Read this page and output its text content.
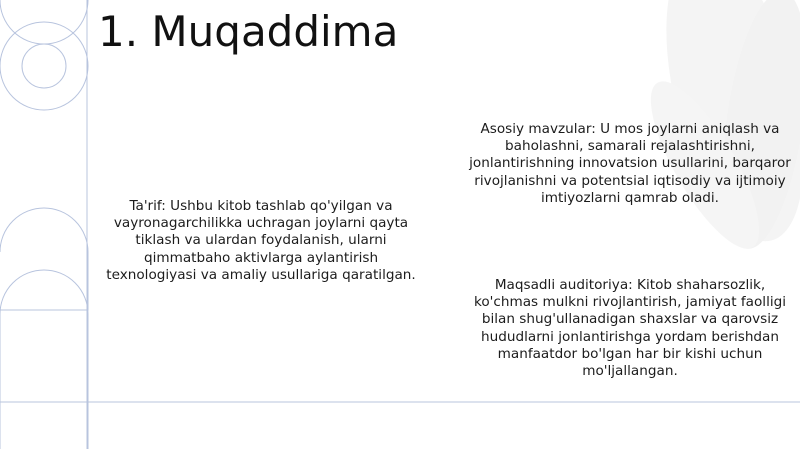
1. Muqaddima
Ta'rif: Ushbu kitob tashlab qo'yilgan va vayronagarchilikka uchragan joylarni qayta tiklash va ulardan foydalanish, ularni qimmatbaho aktivlarga aylantirish texnologiyasi va amaliy usullariga qaratilgan.
Asosiy mavzular: U mos joylarni aniqlash va baholashni, samarali rejalashtirishni, jonlantirishning innovatsion usullarini, barqaror rivojlanishni va potentsial iqtisodiy va ijtimoiy imtiyozlarni qamrab oladi.
Maqsadli auditoriya: Kitob shaharsozlik, ko'chmas mulkni rivojlantirish, jamiyat faolligi bilan shug'ullanadigan shaxslar va qarovsiz hududlarni jonlantirishga yordam berishdan manfaatdor bo'lgan har bir kishi uchun mo'ljallangan.
